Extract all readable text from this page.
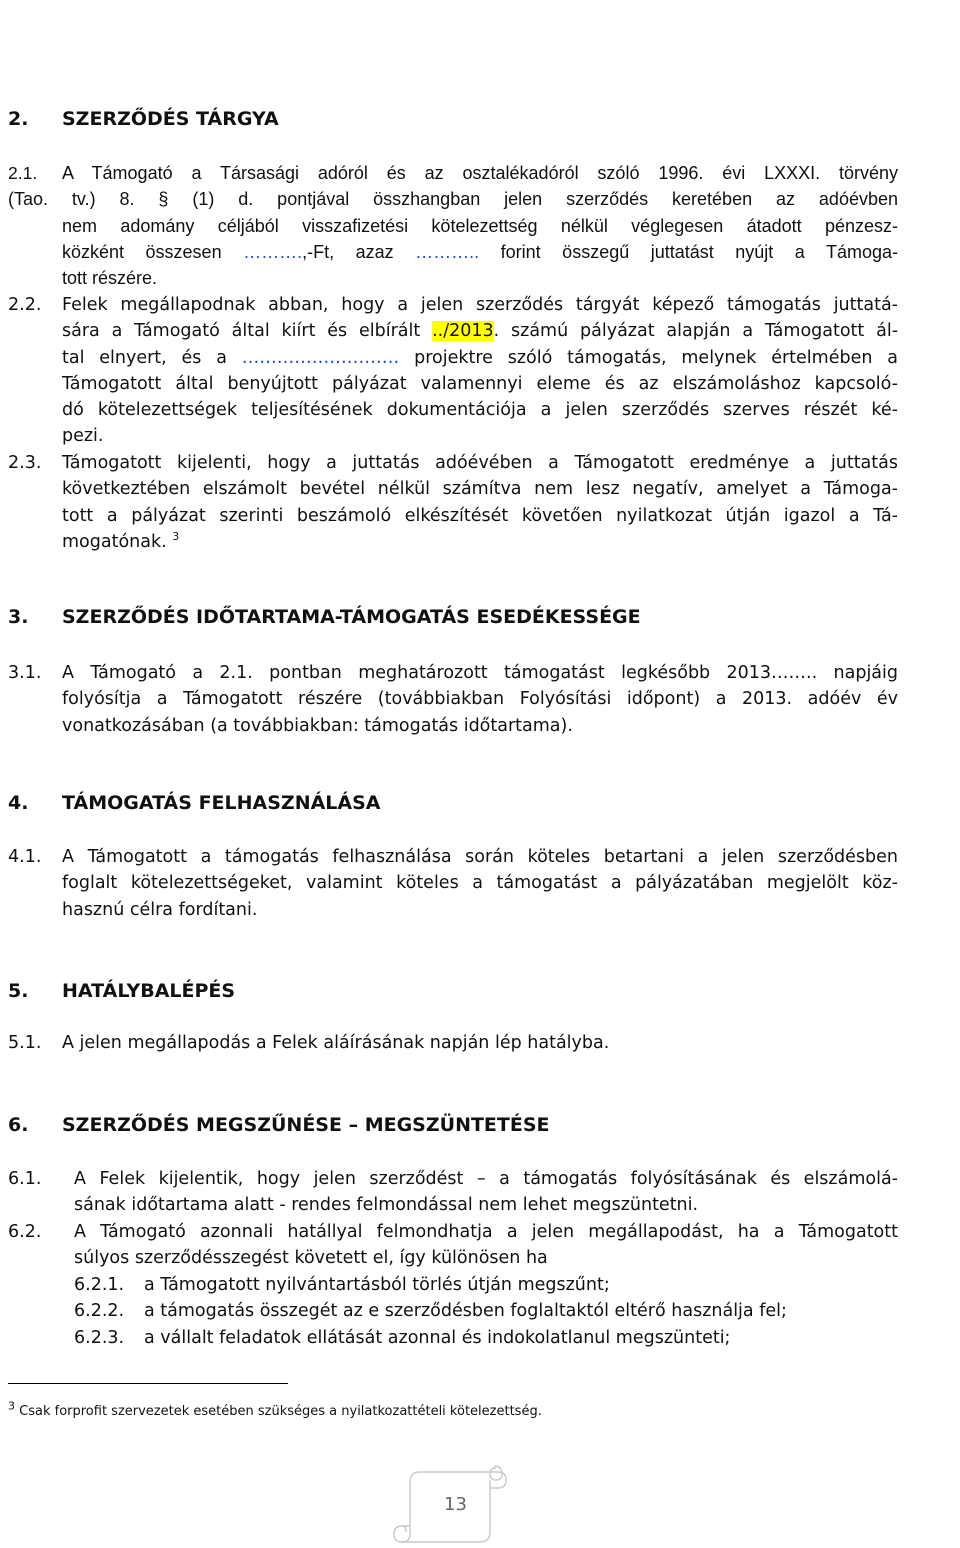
2. SZERZŐDÉS TÁRGYA
2.1. A Támogató a Társasági adóról és az osztalékadóról szóló 1996. évi LXXXI. törvény
(Tao. tv.) 8. § (1) d. pontjával összhangban jelen szerződés keretében az adóévben
nem adomány céljából visszafizetési kötelezettség nélkül véglegesen átadott pénzesz-
közként összesen ……….,-Ft, azaz ……….. forint összegű juttatást nyújt a Támoga-
tott részére.
2.2. Felek megállapodnak abban, hogy a jelen szerződés tárgyát képező támogatás juttatá-
sára a Támogató által kiírt és elbírált ../2013. számú pályázat alapján a Támogatott ál-
tal elnyert, és a ……………………… projektre szóló támogatás, melynek értelmében a
Támogatott által benyújtott pályázat valamennyi eleme és az elszámoláshoz kapcsoló-
dó kötelezettségek teljesítésének dokumentációja a jelen szerződés szerves részét ké-
pezi.
2.3. Támogatott kijelenti, hogy a juttatás adóévében a Támogatott eredménye a juttatás
következtében elszámolt bevétel nélkül számítva nem lesz negatív, amelyet a Támoga-
tott a pályázat szerinti beszámoló elkészítését követően nyilatkozat útján igazol a Tá-
mogatónak. $^3$
3. SZERZŐDÉS IDŐTARTAMA-TÁMOGATÁS ESEDÉKESSÉGE
3.1. A Támogató a 2.1. pontban meghatározott támogatást legkésőbb 2013…….. napjáig
folyósítja a Támogatott részére (továbbiakban Folyósítási időpont) a 2013. adóév év
vonatkozásában (a továbbiakban: támogatás időtartama).
4. TÁMOGATÁS FELHASZNÁLÁSA
4.1. A Támogatott a támogatás felhasználása során köteles betartani a jelen szerződésben
foglalt kötelezettségeket, valamint köteles a támogatást a pályázatában megjelölt köz-
hasznú célra fordítani.
5. HATÁLYBALÉPÉS
5.1. A jelen megállapodás a Felek aláírásának napján lép hatályba.
6. SZERZŐDÉS MEGSZŰNÉSE – MEGSZÜNTETÉSE
6.1. A Felek kijelentik, hogy jelen szerződést – a támogatás folyósításának és elszámolá-
sának időtartama alatt - rendes felmondással nem lehet megszüntetni.
6.2. A Támogató azonnali hatállyal felmondhatja a jelen megállapodást, ha a Támogatott
súlyos szerződésszegést követett el, így különösen ha
6.2.1. a Támogatott nyilvántartásból törlés útján megszűnt;
6.2.2. a támogatás összegét az e szerződésben foglaltaktól eltérő használja fel;
6.2.3. a vállalt feladatok ellátását azonnal és indokolatlanul megszünteti;
$^3$ Csak forprofit szervezetek esetében szükséges a nyilatkozattételi kötelezettség.
13
